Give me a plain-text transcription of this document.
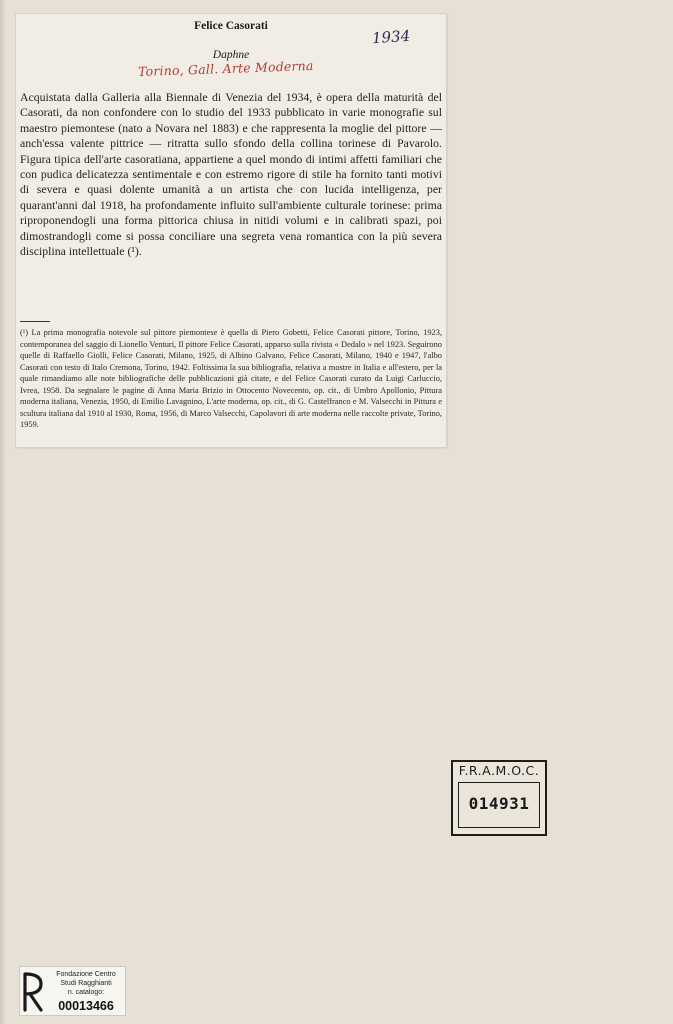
Felice Casorati
1934
Daphne
Torino, Gall. Arte Moderna
Acquistata dalla Galleria alla Biennale di Venezia del 1934, è opera della maturità del Casorati, da non confondere con lo studio del 1933 pubblicato in varie monografie sul maestro piemontese (nato a Novara nel 1883) e che rappresenta la moglie del pittore — anch'essa valente pittrice — ritratta sullo sfondo della collina torinese di Pavarolo. Figura tipica dell'arte casoratiana, appartiene a quel mondo di intimi affetti familiari che con pudica delicatezza sentimentale e con estremo rigore di stile ha fornito tanti motivi di severa e quasi dolente umanità a un artista che con lucida intelligenza, per quarant'anni dal 1918, ha profondamente influito sull'ambiente culturale torinese: prima riproponendogli una forma pittorica chiusa in nitidi volumi e in calibrati spazi, poi dimostrandogli come si possa conciliare una segreta vena romantica con la più severa disciplina intellettuale (¹).
(¹) La prima monografia notevole sul pittore piemontese è quella di Piero Gobetti, Felice Casorati pittore, Torino, 1923, contemporanea del saggio di Lionello Venturi, Il pittore Felice Casorati, apparso sulla rivista « Dedalo » nel 1923. Seguirono quelle di Raffaello Giolli, Felice Casorati, Milano, 1925, di Albino Galvano, Felice Casorati, Milano, 1940 e 1947, l'albo Casorati con testo di Italo Cremona, Torino, 1942. Foltissima la sua bibliografia, relativa a mostre in Italia e all'estero, per la quale rimandiamo alle note bibliografiche delle pubblicazioni già citate, e del Felice Casorati curato da Luigi Carluccio, Ivrea, 1958. Da segnalare le pagine di Anna Maria Brizio in Ottocento Novecento, op. cit., di Umbro Apollonio, Pittura moderna italiana, Venezia, 1950, di Emilio Lavagnino, L'arte moderna, op. cit., di G. Castelfranco e M. Valsecchi in Pittura e scultura italiana dal 1910 al 1930, Roma, 1956, di Marco Valsecchi, Capolavori di arte moderna nelle raccolte private, Torino, 1959.
F.R.A.M.O.C.
014931
Fondazione Centro
Studi Ragghianti
n. catalogo:
00013466
